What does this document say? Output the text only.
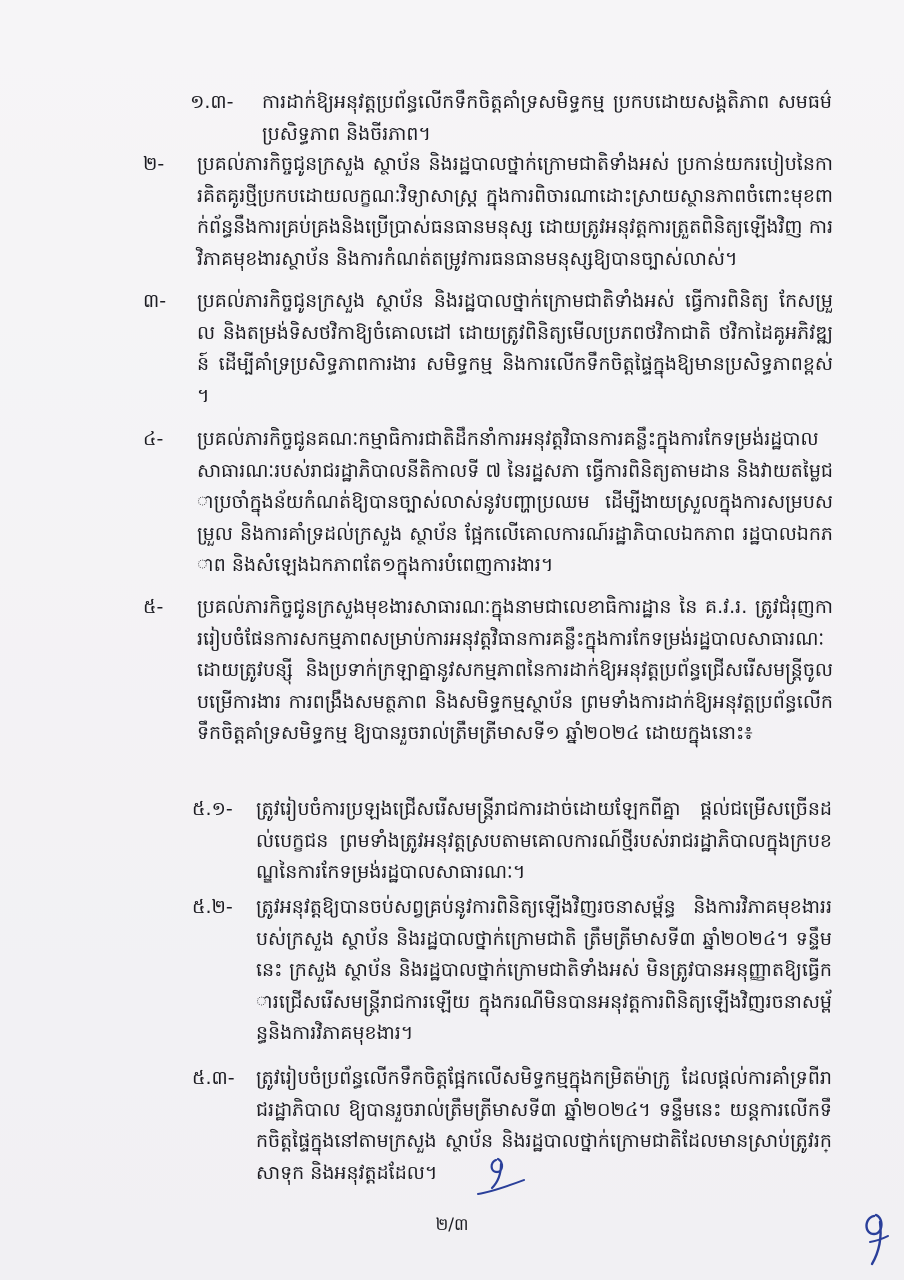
១.៣- ការដាក់ឱ្យអនុវត្តប្រព័ន្ធលើកទឹកចិត្តគាំទ្រសមិទ្ធកម្ម ប្រកបដោយសង្គតិភាព សមធម៌ ប្រសិទ្ធភាព និងចីរភាព។
២- ប្រគល់ភារកិច្ចជូនក្រសួង ស្ថាប័ន និងរដ្ឋបាលថ្នាក់ក្រោមជាតិទាំងអស់ ប្រកាន់យករបៀបនៃការគិតគូរថ្មីប្រកបដោយលក្ខណៈវិទ្យាសាស្ត្រ ក្នុងការពិចារណាដោះស្រាយស្ថានភាពចំពោះមុខពាក់ព័ន្ធនឹងការគ្រប់គ្រងនិងប្រើប្រាស់ធនធានមនុស្ស ដោយត្រូវអនុវត្តការត្រួតពិនិត្យឡើងវិញ ការវិភាគមុខងារស្ថាប័ន និងការកំណត់តម្រូវការធនធានមនុស្សឱ្យបានច្បាស់លាស់។
៣- ប្រគល់ភារកិច្ចជូនក្រសួង ស្ថាប័ន និងរដ្ឋបាលថ្នាក់ក្រោមជាតិទាំងអស់ ធ្វើការពិនិត្យ កែសម្រួល និងតម្រង់ទិសថវិកាឱ្យចំគោលដៅ ដោយត្រូវពិនិត្យមើលប្រភពថវិកាជាតិ ថវិកាដៃគូអភិវឌ្ឍន៍ ដើម្បីគាំទ្រប្រសិទ្ធភាពការងារ សមិទ្ធកម្ម និងការលើកទឹកចិត្តផ្ទៃក្នុងឱ្យមានប្រសិទ្ធភាពខ្ពស់។
៤- ប្រគល់ភារកិច្ចជូនគណៈកម្មាធិការជាតិដឹកនាំការអនុវត្តវិធានការគន្លឹះក្នុងការកែទម្រង់រដ្ឋបាលសាធារណៈរបស់រាជរដ្ឋាភិបាលនីតិកាលទី ៧ នៃរដ្ឋសភា ធ្វើការពិនិត្យតាមដាន និងវាយតម្លៃជាប្រចាំក្នុងន័យកំណត់ឱ្យបានច្បាស់លាស់នូវបញ្ហាប្រឈម ដើម្បីងាយស្រួលក្នុងការសម្របសម្រួល និងការគាំទ្រដល់ក្រសួង ស្ថាប័ន ផ្អែកលើគោលការណ៍រដ្ឋាភិបាលឯកភាព រដ្ឋបាលឯកភាព និងសំឡេងឯកភាពតែ១ក្នុងការបំពេញការងារ។
៥- ប្រគល់ភារកិច្ចជូនក្រសួងមុខងារសាធារណៈក្នុងនាមជាលេខាធិការដ្ឋាន នៃ គ.វ.រ. ត្រូវជំរុញការរៀបចំផែនការសកម្មភាពសម្រាប់ការអនុវត្តវិធានការគន្លឹះក្នុងការកែទម្រង់រដ្ឋបាលសាធារណៈដោយត្រូវបន្ស៊ី និងប្រទាក់ក្រឡាគ្នានូវសកម្មភាពនៃការដាក់ឱ្យអនុវត្តប្រព័ន្ធជ្រើសរើសមន្ត្រីចូលបម្រើការងារ ការពង្រឹងសមត្ថភាព និងសមិទ្ធកម្មស្ថាប័ន ព្រមទាំងការដាក់ឱ្យអនុវត្តប្រព័ន្ធលើកទឹកចិត្តគាំទ្រសមិទ្ធកម្ម ឱ្យបានរួចរាល់ត្រឹមត្រីមាសទី១ ឆ្នាំ២០២៤ ដោយក្នុងនោះ៖
៥.១- ត្រូវរៀបចំការប្រឡងជ្រើសរើសមន្ត្រីរាជការដាច់ដោយឡែកពីគ្នា ផ្តល់ជម្រើសច្រើនដល់បេក្ខជន ព្រមទាំងត្រូវអនុវត្តស្របតាមគោលការណ៍ថ្មីរបស់រាជរដ្ឋាភិបាលក្នុងក្របខណ្ឌនៃការកែទម្រង់រដ្ឋបាលសាធារណៈ។
៥.២- ត្រូវអនុវត្តឱ្យបានចប់សព្វគ្រប់នូវការពិនិត្យឡើងវិញរចនាសម្ព័ន្ធ និងការវិភាគមុខងាររបស់ក្រសួង ស្ថាប័ន និងរដ្ឋបាលថ្នាក់ក្រោមជាតិ ត្រឹមត្រីមាសទី៣ ឆ្នាំ២០២៤។ ទន្ទឹមនេះ ក្រសួង ស្ថាប័ន និងរដ្ឋបាលថ្នាក់ក្រោមជាតិទាំងអស់ មិនត្រូវបានអនុញ្ញាតឱ្យធ្វើការជ្រើសរើសមន្ត្រីរាជការឡើយ ក្នុងករណីមិនបានអនុវត្តការពិនិត្យឡើងវិញរចនាសម្ព័ន្ធនិងការវិភាគមុខងារ។
៥.៣- ត្រូវរៀបចំប្រព័ន្ធលើកទឹកចិត្តផ្អែកលើសមិទ្ធកម្មក្នុងកម្រិតម៉ាក្រូ ដែលផ្តល់ការគាំទ្រពីរាជរដ្ឋាភិបាល ឱ្យបានរួចរាល់ត្រឹមត្រីមាសទី៣ ឆ្នាំ២០២៤។ ទន្ទឹមនេះ យន្តការលើកទឹកចិត្តផ្ទៃក្នុងនៅតាមក្រសួង ស្ថាប័ន និងរដ្ឋបាលថ្នាក់ក្រោមជាតិដែលមានស្រាប់ត្រូវរក្សាទុក និងអនុវត្តដដែល។
២/៣
